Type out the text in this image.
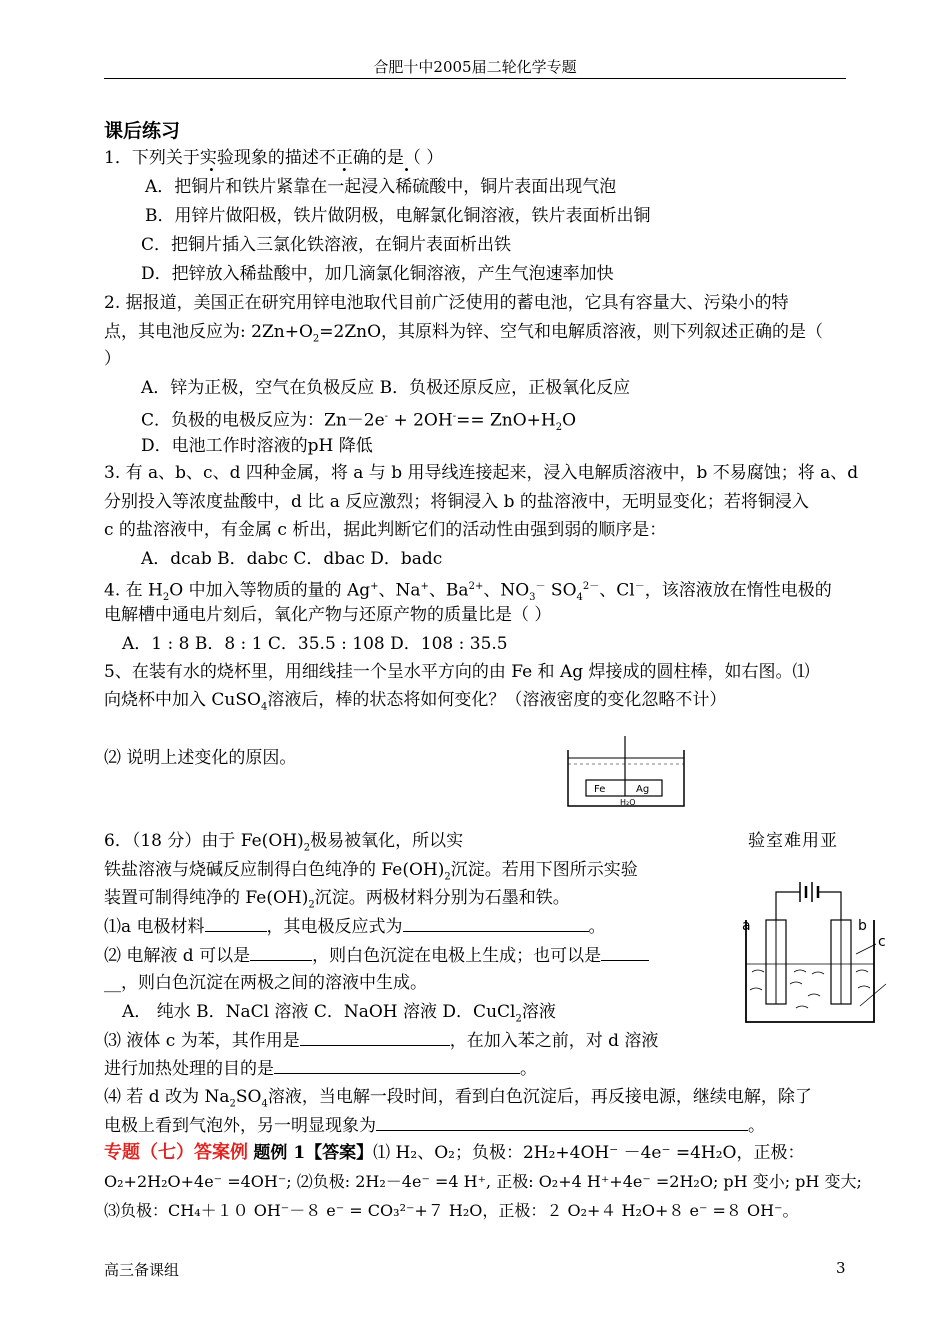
合肥十中2005届二轮化学专题
课后练习
1．下列关于实验现象的描述 ·不正确的是（ ） ·
A．把铜片和铁片紧靠在一起浸入稀硫酸中，铜片表面出现气泡
B．用锌片做阳极，铁片做阴极，电解氯化铜溶液，铁片表面析出铜
C．把铜片插入三氯化铁溶液，在铜片表面析出铁
D．把锌放入稀盐酸中，加几滴氯化铜溶液，产生气泡速率加快
2. 据报道，美国正在研究用锌电池取代目前广泛使用的蓄电池，它具有容量大、污染小的特
点，其电池反应为: $2Zn+O_2=2ZnO$，其原料为锌、空气和电解质溶液，则下列叙述正确的是（
）
A．锌为正极，空气在负极反应 B．负极还原反应，正极氧化反应
C．负极的电极反应为：$Zn-2e^- + 2OH^-== ZnO+H_2O$
D．电池工作时溶液的pH 降低
3. 有 a、b、c、d 四种金属，将 a 与 b 用导线连接起来，浸入电解质溶液中，b 不易腐蚀；将 a、d
分别投入等浓度盐酸中，d 比 a 反应激烈；将铜浸入 b 的盐溶液中，无明显变化；若将铜浸入
c 的盐溶液中，有金属 c 析出，据此判断它们的活动性由强到弱的顺序是：
A．dcab B．dabc C．dbac D．badc
4. 在 $H_2O$ 中加入等物质的量的 Ag+、Na+、$Ba^{2+}$、$NO_3^-$ $SO_4^{2-}$、Cl－，该溶液放在惰性电极的
电解槽中通电片刻后，氧化产物与还原产物的质量比是（ ）
A．1 : 8 B．8 : 1 C．35.5 : 108 D．108 : 35.5
5、在装有水的烧杯里，用细线挂一个呈水平方向的由 Fe 和 Ag 焊接成的圆柱棒，如右图。⑴
向烧杯中加入 CuSO$_4$溶液后，棒的状态将如何变化？（溶液密度的变化忽略不计）
⑵ 说明上述变化的原因。
Fe	Ag
H₂O
6．（18 分）由于 $Fe(OH)_2$极易被氧化，所以实	验室难用亚
铁盐溶液与烧碱反应制得白色纯净的 $Fe(OH)_2$沉淀。若用下图所示实验
装置可制得纯净的 $Fe(OH)_2$沉淀。两极材料分别为石墨和铁。
⑴a 电极材料	，其电极反应式为	。
⑵ 电解液 d 可以是	，则白色沉淀在电极上生成；也可以是
__，则白色沉淀在两极之间的溶液中生成。
A． 纯水 B．NaCl 溶液 C．NaOH 溶液 D．CuCl$_2$溶液
⑶ 液体 c 为苯，其作用是	，在加入苯之前，对 d 溶液
进行加热处理的目的是	。
⑷ 若 d 改为 $Na_2SO_4$溶液，当电解一段时间，看到白色沉淀后，再反接电源，继续电解，除了
电极上看到气泡外，另一明显现象为	。
a	b
c
专题（七）答案例 题例 1【答案】⑴ H₂、O₂；负极：2H₂+4OH⁻ －4e⁻ =4H₂O，正极：
O₂+2H₂O+4e⁻ =4OH⁻; ⑵负极: 2H₂－4e⁻ =4 H⁺, 正极: O₂+4 H⁺+4e⁻ =2H₂O; pH 变小; pH 变大;
⑶负极：CH₄＋１０ OH⁻－８ e⁻ = CO₃²⁻+７ H₂O，正极：２ O₂+４ H₂O+８ e⁻ =８ OH⁻。
高三备课组	3
